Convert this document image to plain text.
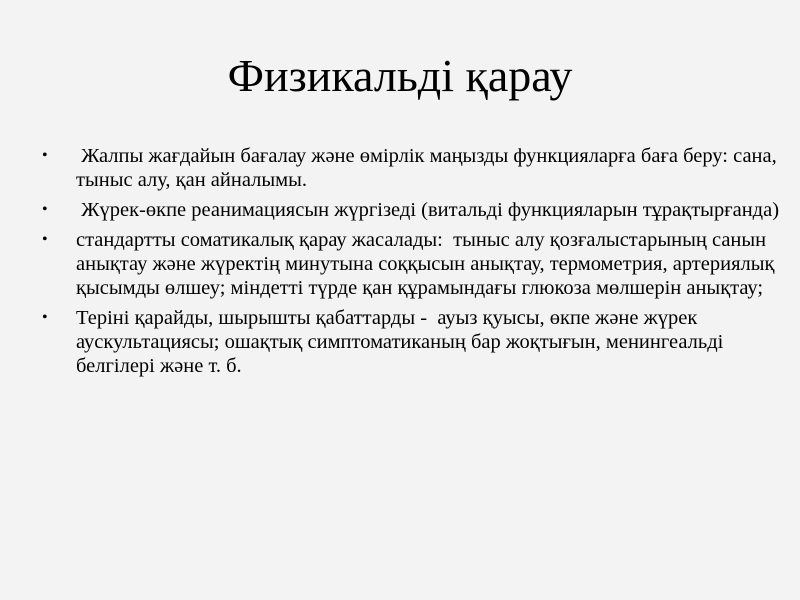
Физикальді қарау
• Жалпы жағдайын бағалау және өмірлік маңызды функцияларға баға беру: сана, тыныс алу, қан айналымы.
• Жүрек-өкпе реанимациясын жүргізеді (витальді функцияларын тұрақтырғанда)
• стандартты соматикалық қарау жасалады:  тыныс алу қозғалыстарының санын анықтау және жүректің минутына соққысын анықтау, термометрия, артериялық қысымды өлшеу; міндетті түрде қан құрамындағы глюкоза мөлшерін анықтау;
• Теріні қарайды, шырышты қабаттарды -  ауыз қуысы, өкпе және жүрек аускультациясы; ошақтық симптоматиканың бар жоқтығын, менингеальді белгілері және т. б.
